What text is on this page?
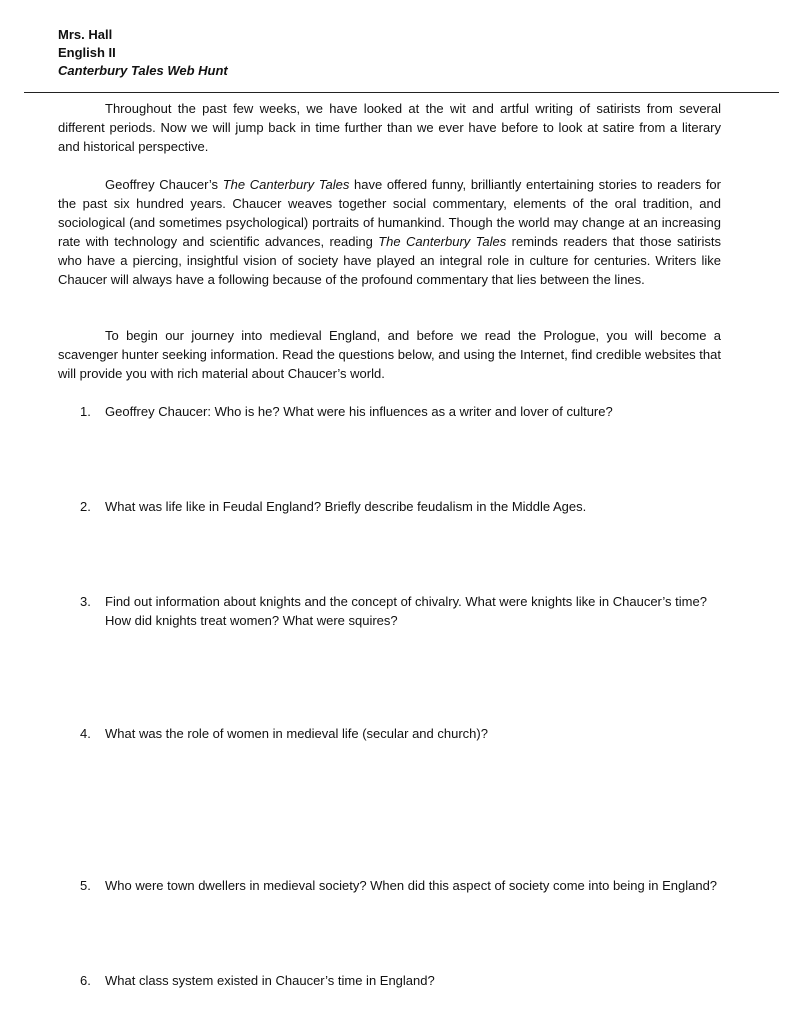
Mrs. Hall
English II
Canterbury Tales Web Hunt

Throughout the past few weeks, we have looked at the wit and artful writing of satirists from several different periods. Now we will jump back in time further than we ever have before to look at satire from a literary and historical perspective.

Geoffrey Chaucer’s The Canterbury Tales have offered funny, brilliantly entertaining stories to readers for the past six hundred years. Chaucer weaves together social commentary, elements of the oral tradition, and sociological (and sometimes psychological) portraits of humankind. Though the world may change at an increasing rate with technology and scientific advances, reading The Canterbury Tales reminds readers that those satirists who have a piercing, insightful vision of society have played an integral role in culture for centuries. Writers like Chaucer will always have a following because of the profound commentary that lies between the lines.

To begin our journey into medieval England, and before we read the Prologue, you will become a scavenger hunter seeking information. Read the questions below, and using the Internet, find credible websites that will provide you with rich material about Chaucer’s world.

1. Geoffrey Chaucer: Who is he? What were his influences as a writer and lover of culture?
2. What was life like in Feudal England? Briefly describe feudalism in the Middle Ages.
3. Find out information about knights and the concept of chivalry. What were knights like in Chaucer’s time? How did knights treat women? What were squires?
4. What was the role of women in medieval life (secular and church)?
5. Who were town dwellers in medieval society? When did this aspect of society come into being in England?
6. What class system existed in Chaucer’s time in England?
